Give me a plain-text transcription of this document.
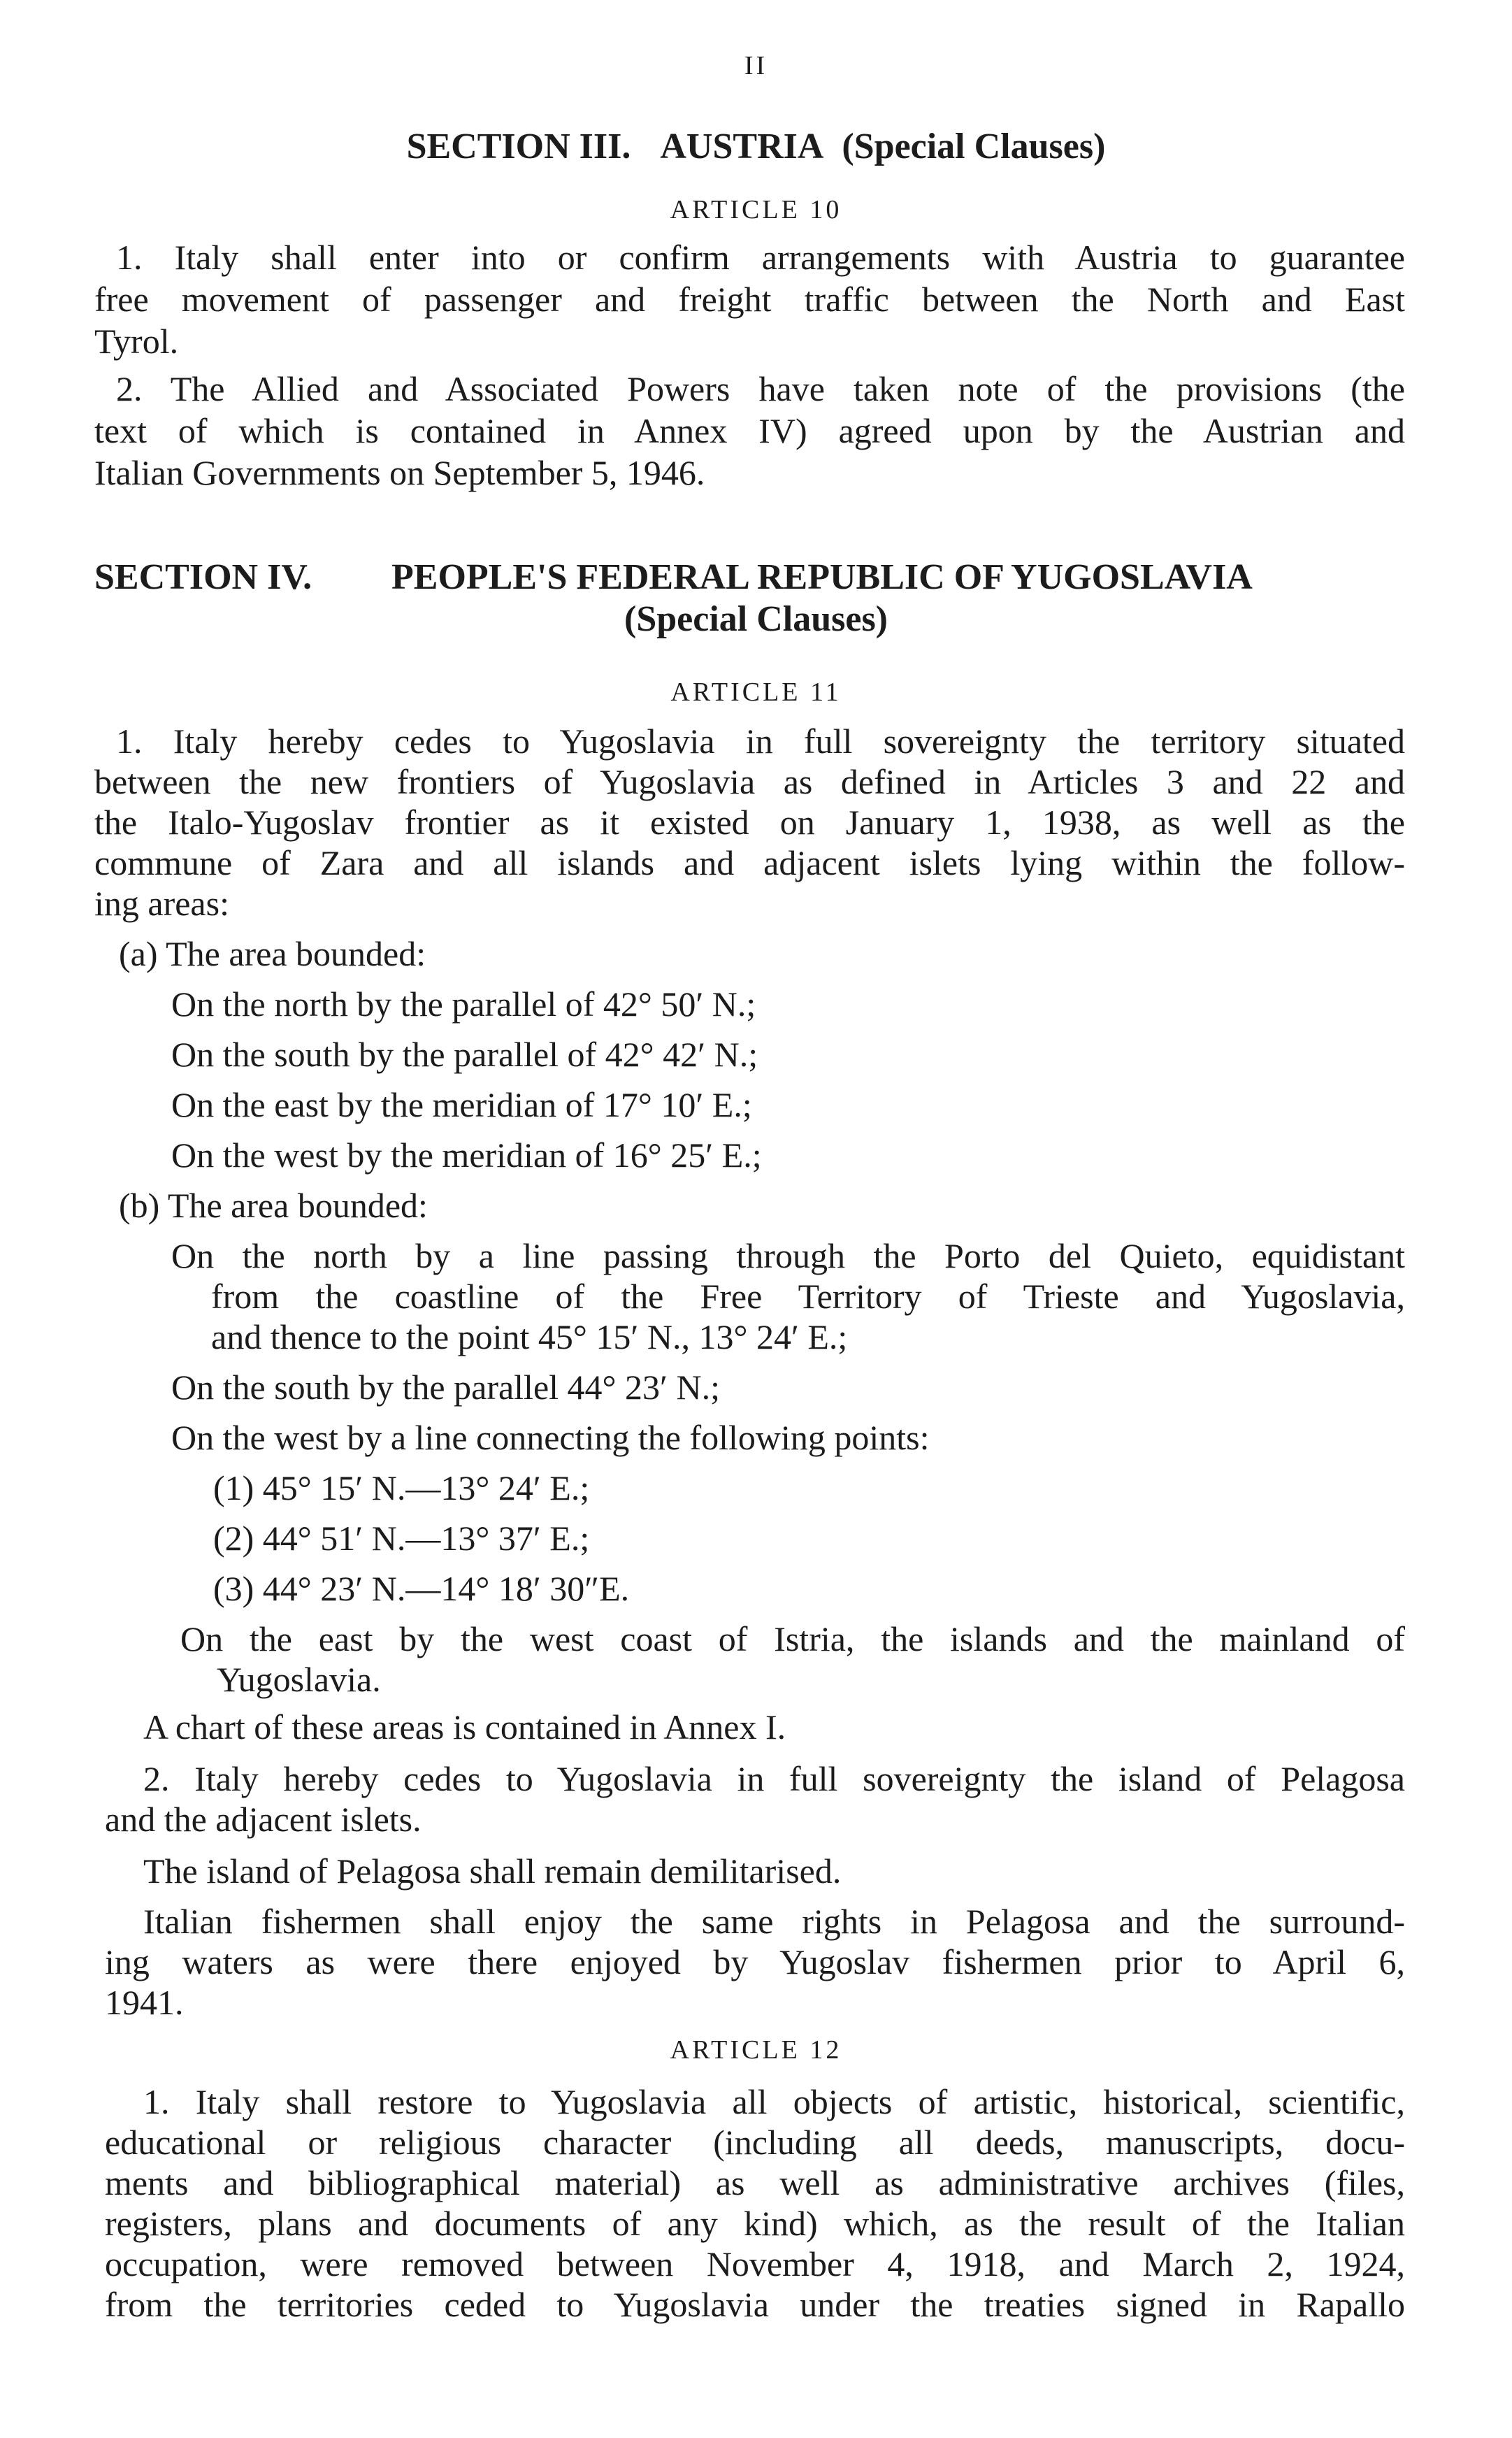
II
SECTION III. AUSTRIA (Special Clauses)
ARTICLE 10
1. Italy shall enter into or confirm arrangements with Austria to guarantee
free movement of passenger and freight traffic between the North and East
Tyrol.
2. The Allied and Associated Powers have taken note of the provisions (the
text of which is contained in Annex IV) agreed upon by the Austrian and
Italian Governments on September 5, 1946.
SECTION IV. PEOPLE'S FEDERAL REPUBLIC OF YUGOSLAVIA
(Special Clauses)
ARTICLE 11
1. Italy hereby cedes to Yugoslavia in full sovereignty the territory situated
between the new frontiers of Yugoslavia as defined in Articles 3 and 22 and
the Italo-Yugoslav frontier as it existed on January 1, 1938, as well as the
commune of Zara and all islands and adjacent islets lying within the follow-
ing areas:
(a) The area bounded:
On the north by the parallel of 42° 50′ N.;
On the south by the parallel of 42° 42′ N.;
On the east by the meridian of 17° 10′ E.;
On the west by the meridian of 16° 25′ E.;
(b) The area bounded:
On the north by a line passing through the Porto del Quieto, equidistant
from the coastline of the Free Territory of Trieste and Yugoslavia,
and thence to the point 45° 15′ N., 13° 24′ E.;
On the south by the parallel 44° 23′ N.;
On the west by a line connecting the following points:
(1) 45° 15′ N.—13° 24′ E.;
(2) 44° 51′ N.—13° 37′ E.;
(3) 44° 23′ N.—14° 18′ 30″E.
On the east by the west coast of Istria, the islands and the mainland of
Yugoslavia.
A chart of these areas is contained in Annex I.
2. Italy hereby cedes to Yugoslavia in full sovereignty the island of Pelagosa
and the adjacent islets.
The island of Pelagosa shall remain demilitarised.
Italian fishermen shall enjoy the same rights in Pelagosa and the surround-
ing waters as were there enjoyed by Yugoslav fishermen prior to April 6,
1941.
ARTICLE 12
1. Italy shall restore to Yugoslavia all objects of artistic, historical, scientific,
educational or religious character (including all deeds, manuscripts, docu-
ments and bibliographical material) as well as administrative archives (files,
registers, plans and documents of any kind) which, as the result of the Italian
occupation, were removed between November 4, 1918, and March 2, 1924,
from the territories ceded to Yugoslavia under the treaties signed in Rapallo
